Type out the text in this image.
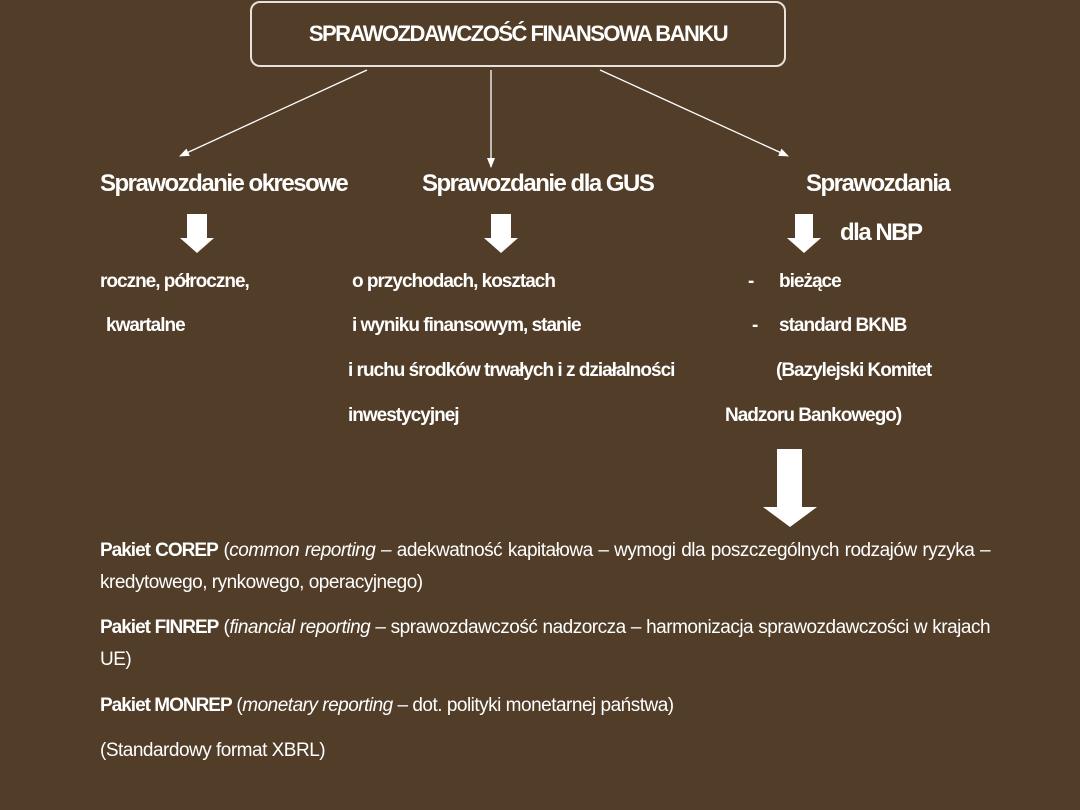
SPRAWOZDAWCZOŚĆ FINANSOWA BANKU
Sprawozdanie okresowe
roczne, półroczne,
kwartalne
Sprawozdanie dla GUS
o przychodach, kosztach
i wyniku finansowym, stanie
i ruchu środków trwałych i z działalności
inwestycyjnej
Sprawozdania
dla NBP
- bieżące
- standard BKNB
(Bazylejski Komitet
Nadzoru Bankowego)
Pakiet COREP (common reporting – adekwatność kapitałowa – wymogi dla poszczególnych rodzajów ryzyka – kredytowego, rynkowego, operacyjnego)
Pakiet FINREP (financial reporting – sprawozdawczość nadzorcza – harmonizacja sprawozdawczości w krajach UE)
Pakiet MONREP (monetary reporting – dot. polityki monetarnej państwa)
(Standardowy format XBRL)
